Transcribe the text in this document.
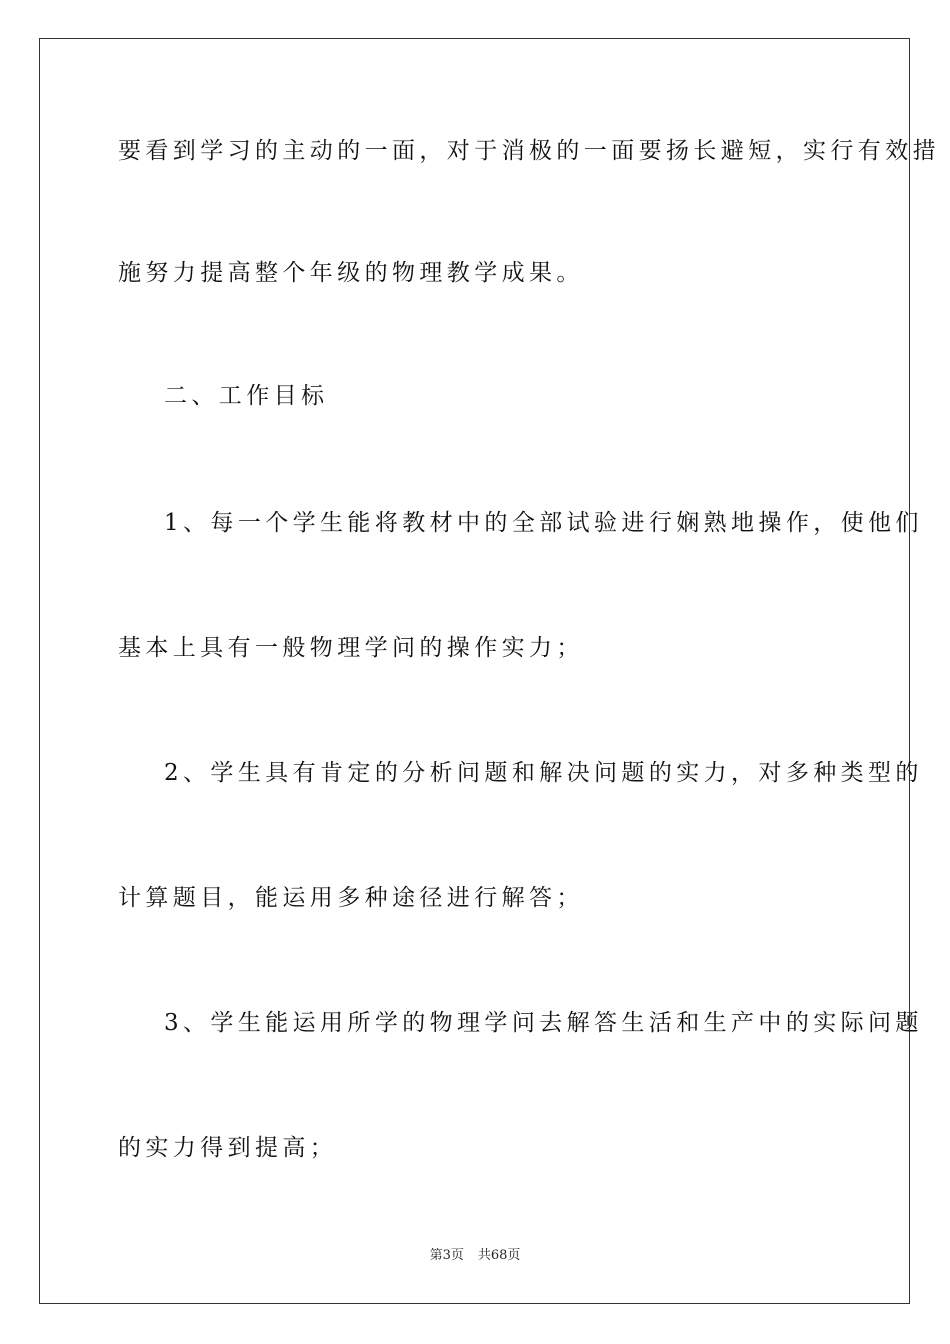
要看到学习的主动的一面，对于消极的一面要扬长避短，实行有效措
施努力提高整个年级的物理教学成果。
二、工作目标
1、每一个学生能将教材中的全部试验进行娴熟地操作，使他们
基本上具有一般物理学问的操作实力；
2、学生具有肯定的分析问题和解决问题的实力，对多种类型的
计算题目，能运用多种途径进行解答；
3、学生能运用所学的物理学问去解答生活和生产中的实际问题
的实力得到提高；
第3页 共68页
